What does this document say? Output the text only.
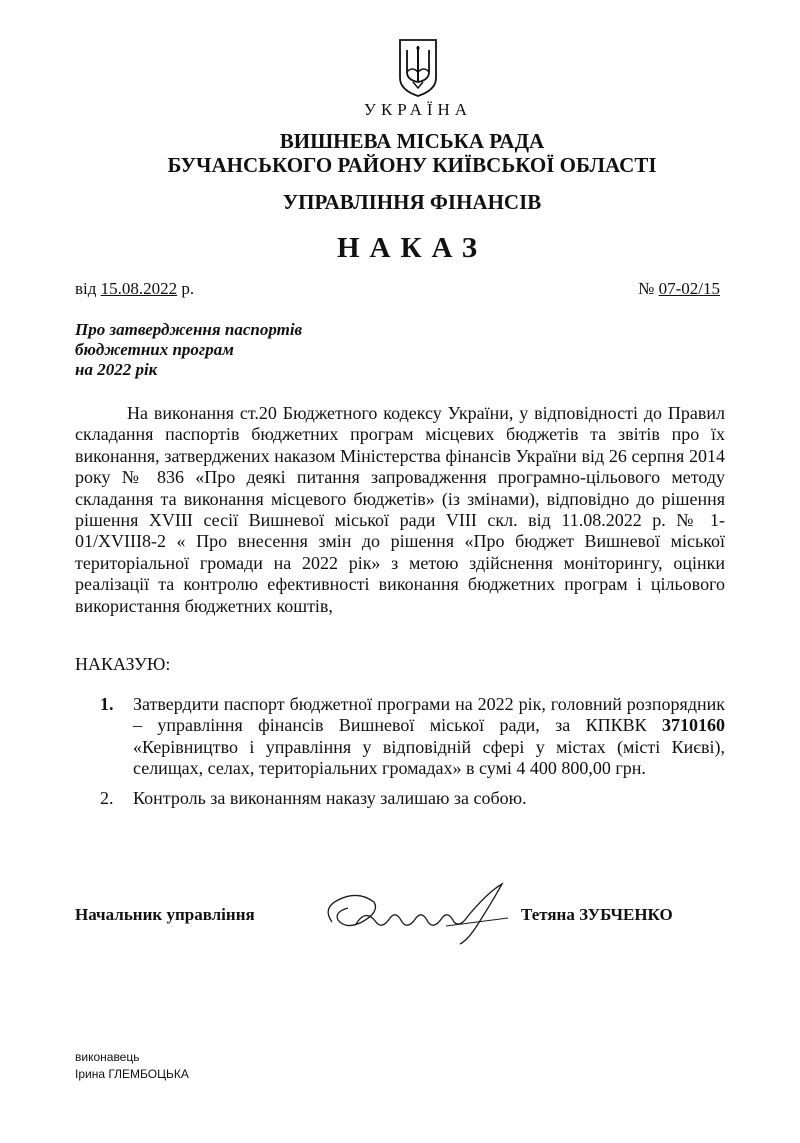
УКРАЇНА
ВИШНЕВА МІСЬКА РАДА
БУЧАНСЬКОГО РАЙОНУ КИЇВСЬКОЇ ОБЛАСТІ
УПРАВЛІННЯ ФІНАНСІВ
НАКАЗ
від 15.08.2022 р.	№ 07-02/15
Про затвердження паспортів
бюджетних програм
на 2022 рік

На виконання ст.20 Бюджетного кодексу України, у відповідності до Правил складання паспортів бюджетних програм місцевих бюджетів та звітів про їх виконання, затверджених наказом Міністерства фінансів України від 26 серпня 2014 року № 836 «Про деякі питання запровадження програмно-цільового методу складання та виконання місцевого бюджетів» (із змінами), відповідно до рішення рішення XVIII сесії Вишневої міської ради VIII скл. від 11.08.2022 р. № 1-01/XVIII8-2 « Про внесення змін до рішення «Про бюджет Вишневої міської територіальної громади на 2022 рік» з метою здійснення моніторингу, оцінки реалізації та контролю ефективності виконання бюджетних програм і цільового використання бюджетних коштів,

НАКАЗУЮ:
1. Затвердити паспорт бюджетної програми на 2022 рік, головний розпорядник – управління фінансів Вишневої міської ради, за КПКВК 3710160 «Керівництво і управління у відповідній сфері у містах (місті Києві), селищах, селах, територіальних громадах» в сумі 4 400 800,00 грн.
2. Контроль за виконанням наказу залишаю за собою.
Начальник управління	Тетяна ЗУБЧЕНКО
виконавець
Ірина ГЛЕМБОЦЬКА
